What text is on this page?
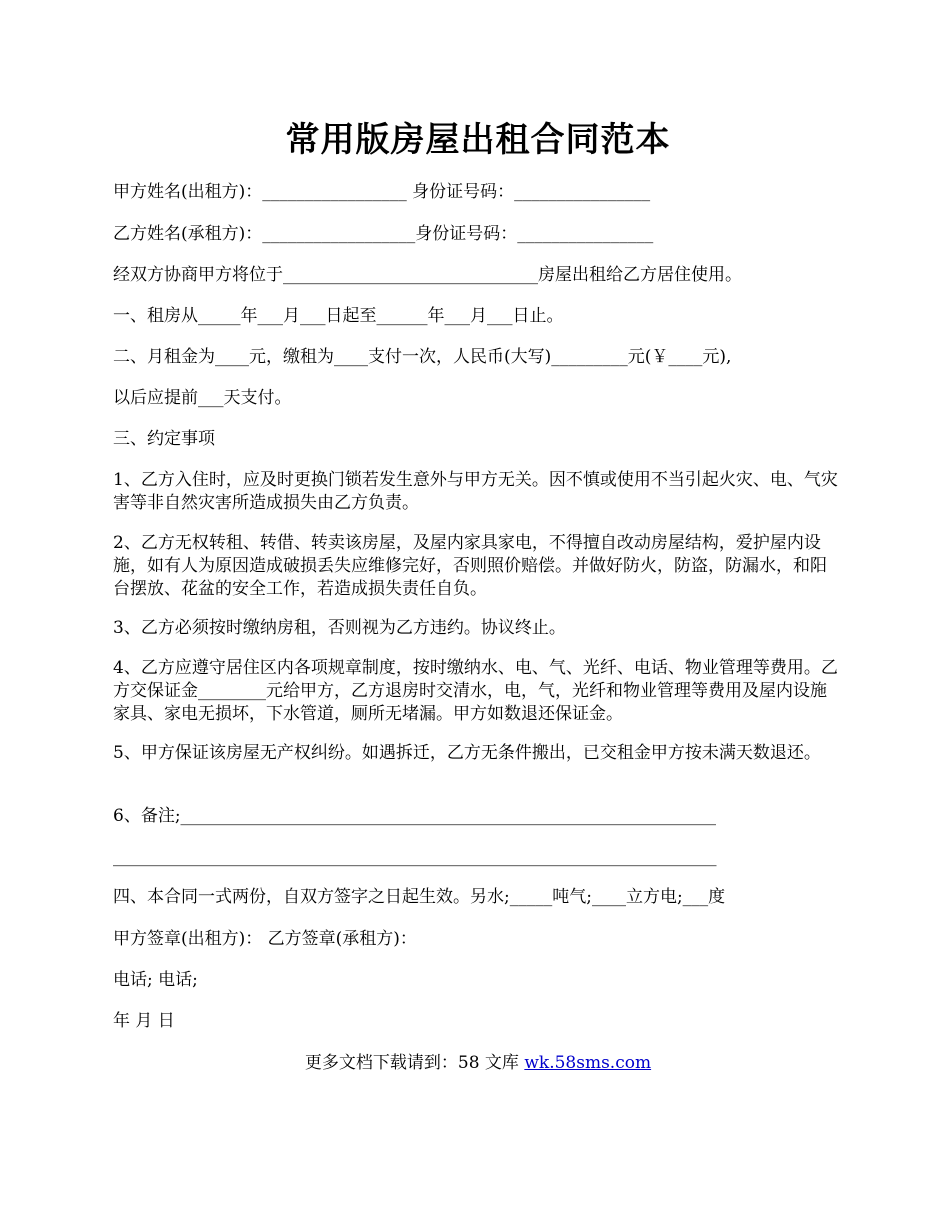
常用版房屋出租合同范本
甲方姓名(出租方)：_________________ 身份证号码：________________
乙方姓名(承租方)：__________________身份证号码：________________
经双方协商甲方将位于______________________________房屋出租给乙方居住使用。
一、租房从_____年___月___日起至______年___月___日止。
二、月租金为____元，缴租为____支付一次，人民币(大写)_________元(￥____元),
以后应提前___天支付。
三、约定事项
1、乙方入住时，应及时更换门锁若发生意外与甲方无关。因不慎或使用不当引起火灾、电、气灾害等非自然灾害所造成损失由乙方负责。
2、乙方无权转租、转借、转卖该房屋，及屋内家具家电，不得擅自改动房屋结构，爱护屋内设施，如有人为原因造成破损丢失应维修完好，否则照价赔偿。并做好防火，防盗，防漏水，和阳台摆放、花盆的安全工作，若造成损失责任自负。
3、乙方必须按时缴纳房租，否则视为乙方违约。协议终止。
4、乙方应遵守居住区内各项规章制度，按时缴纳水、电、气、光纤、电话、物业管理等费用。乙方交保证金________元给甲方，乙方退房时交清水，电，气，光纤和物业管理等费用及屋内设施家具、家电无损坏，下水管道，厕所无堵漏。甲方如数退还保证金。
5、甲方保证该房屋无产权纠纷。如遇拆迁，乙方无条件搬出，已交租金甲方按未满天数退还。
6、备注;_______________________________________________________________
_______________________________________________________________________
四、本合同一式两份，自双方签字之日起生效。另水;_____吨气;____立方电;___度
甲方签章(出租方)： 乙方签章(承租方)：
电话; 电话;
年 月 日
更多文档下载请到：58 文库 wk.58sms.com
